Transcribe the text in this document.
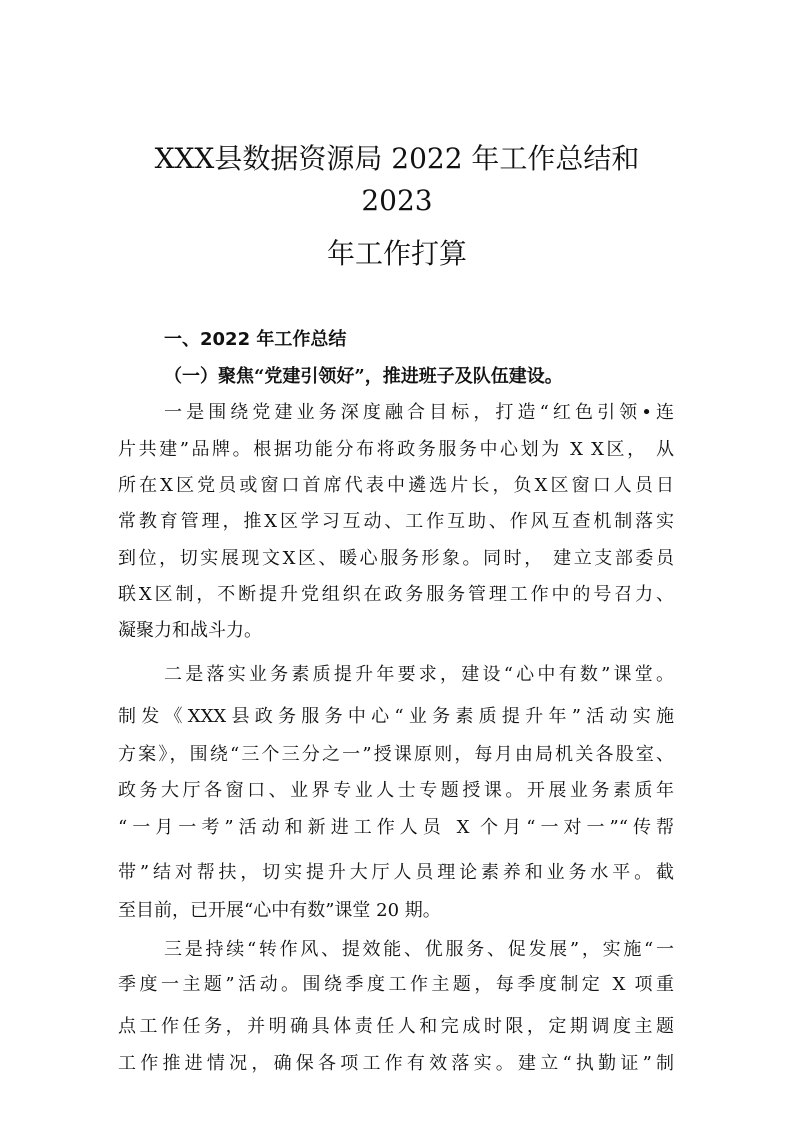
XXX县数据资源局 2022 年工作总结和
2023
年工作打算
一、2022 年工作总结
（一）聚焦“党建引领好”，推进班子及队伍建设。
一是围绕党建业务深度融合目标，打造“红色引领•连
片共建”品牌。根据功能分布将政务服务中心划为 X X区， 从
所在X区党员或窗口首席代表中遴选片长，负X区窗口人员日
常教育管理，推X区学习互动、工作互助、作风互查机制落实
到位，切实展现文X区、暖心服务形象。同时， 建立支部委员
联X区制，不断提升党组织在政务服务管理工作中的号召力、
凝聚力和战斗力。
二是落实业务素质提升年要求，建设“心中有数”课堂。
制发《XXX县政务服务中心“业务素质提升年”活动实施
方案》，围绕“三个三分之一”授课原则，每月由局机关各股室、
政务大厅各窗口、业界专业人士专题授课。开展业务素质年
“一月一考”活动和新进工作人员 X 个月“一对一”“传帮
带”结对帮扶，切实提升大厅人员理论素养和业务水平。截
至目前，已开展“心中有数”课堂 20 期。
三是持续“转作风、提效能、优服务、促发展”，实施“一
季度一主题”活动。围绕季度工作主题，每季度制定 X 项重
点工作任务，并明确具体责任人和完成时限，定期调度主题
工作推进情况，确保各项工作有效落实。建立“执勤证”制
